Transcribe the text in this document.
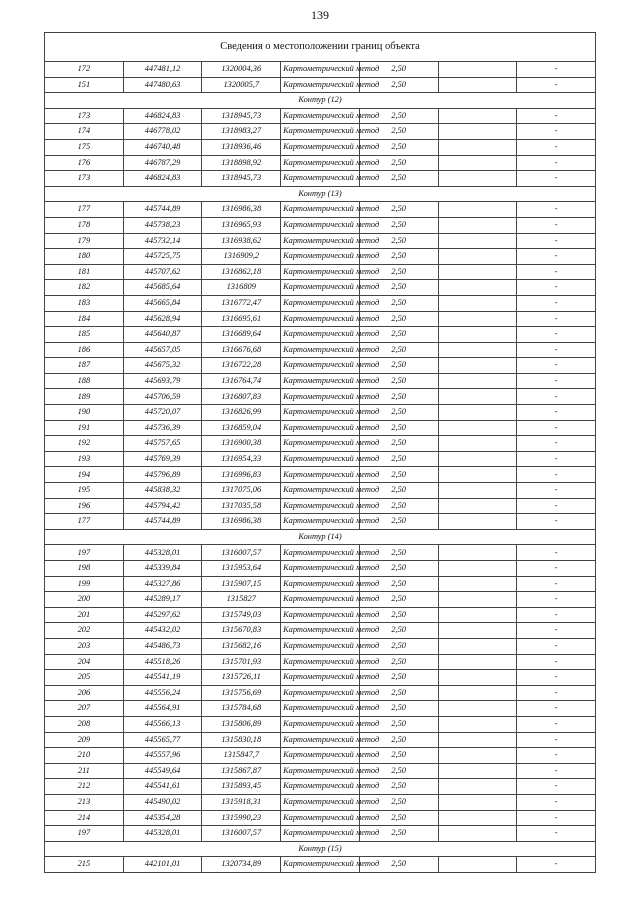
139
Сведения о местоположении границ объекта						
172	447481,12	1320004,36	Картометрический метод	2,50		-
151	447480,63	1320005,7	Картометрический метод	2,50		-
Контур (12)						
173	446824,83	1318945,73	Картометрический метод	2,50		-
174	446778,02	1318983,27	Картометрический метод	2,50		-
175	446740,48	1318936,46	Картометрический метод	2,50		-
176	446787,29	1318898,92	Картометрический метод	2,50		-
173	446824,83	1318945,73	Картометрический метод	2,50		-
Контур (13)						
177	445744,89	1316986,38	Картометрический метод	2,50		-
178	445738,23	1316965,93	Картометрический метод	2,50		-
179	445732,14	1316938,62	Картометрический метод	2,50		-
180	445725,75	1316909,2	Картометрический метод	2,50		-
181	445707,62	1316862,18	Картометрический метод	2,50		-
182	445685,64	1316809	Картометрический метод	2,50		-
183	445665,84	1316772,47	Картометрический метод	2,50		-
184	445628,94	1316695,61	Картометрический метод	2,50		-
185	445640,87	1316689,64	Картометрический метод	2,50		-
186	445657,05	1316676,68	Картометрический метод	2,50		-
187	445675,32	1316722,28	Картометрический метод	2,50		-
188	445693,79	1316764,74	Картометрический метод	2,50		-
189	445706,59	1316807,83	Картометрический метод	2,50		-
190	445720,07	1316826,99	Картометрический метод	2,50		-
191	445736,39	1316859,04	Картометрический метод	2,50		-
192	445757,65	1316900,38	Картометрический метод	2,50		-
193	445769,39	1316954,33	Картометрический метод	2,50		-
194	445796,89	1316996,83	Картометрический метод	2,50		-
195	445838,32	1317075,06	Картометрический метод	2,50		-
196	445794,42	1317035,58	Картометрический метод	2,50		-
177	445744,89	1316986,38	Картометрический метод	2,50		-
Контур (14)						
197	445328,01	1316007,57	Картометрический метод	2,50		-
198	445339,84	1315953,64	Картометрический метод	2,50		-
199	445327,86	1315907,15	Картометрический метод	2,50		-
200	445289,17	1315827	Картометрический метод	2,50		-
201	445297,62	1315749,03	Картометрический метод	2,50		-
202	445432,02	1315670,83	Картометрический метод	2,50		-
203	445486,73	1315682,16	Картометрический метод	2,50		-
204	445518,26	1315701,93	Картометрический метод	2,50		-
205	445541,19	1315726,11	Картометрический метод	2,50		-
206	445556,24	1315756,69	Картометрический метод	2,50		-
207	445564,91	1315784,68	Картометрический метод	2,50		-
208	445566,13	1315806,89	Картометрический метод	2,50		-
209	445565,77	1315830,18	Картометрический метод	2,50		-
210	445557,96	1315847,7	Картометрический метод	2,50		-
211	445549,64	1315867,87	Картометрический метод	2,50		-
212	445541,61	1315893,45	Картометрический метод	2,50		-
213	445490,02	1315918,31	Картометрический метод	2,50		-
214	445354,28	1315990,23	Картометрический метод	2,50		-
197	445328,01	1316007,57	Картометрический метод	2,50		-
Контур (15)						
215	442101,01	1320734,89	Картометрический метод	2,50		-
